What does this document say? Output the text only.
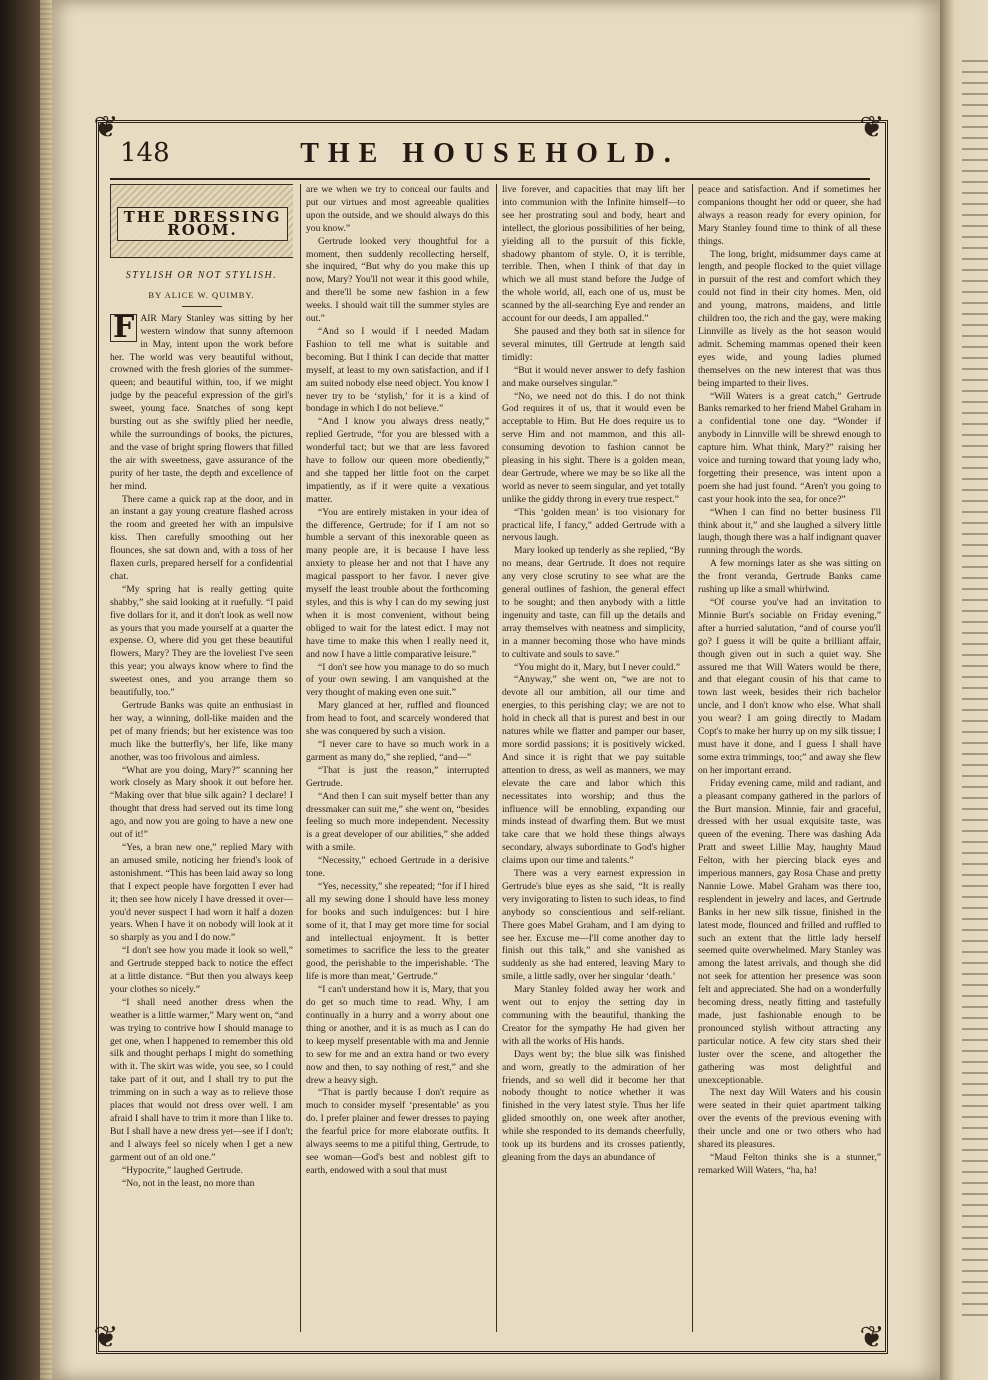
❦	❦
❦	❦
148	THE HOUSEHOLD.
THE DRESSING ROOM.
STYLISH OR NOT STYLISH.
BY ALICE W. QUIMBY.

F AIR Mary Stanley was sitting by her western window that sunny afternoon in May, intent upon the work before her. The world was very beautiful without, crowned with the fresh glories of the summer-queen; and beautiful within, too, if we might judge by the peaceful expression of the girl's sweet, young face. Snatches of song kept bursting out as she swiftly plied her needle, while the surroundings of books, the pictures, and the vase of bright spring flowers that filled the air with sweetness, gave assurance of the purity of her taste, the depth and excellence of her mind.

There came a quick rap at the door, and in an instant a gay young creature flashed across the room and greeted her with an impulsive kiss. Then carefully smoothing out her flounces, she sat down and, with a toss of her flaxen curls, prepared herself for a confidential chat.

“My spring hat is really getting quite shabby,” she said looking at it ruefully. “I paid five dollars for it, and it don't look as well now as yours that you made yourself at a quarter the expense. O, where did you get these beautiful flowers, Mary? They are the loveliest I've seen this year; you always know where to find the sweetest ones, and you arrange them so beautifully, too.”

Gertrude Banks was quite an enthusiast in her way, a winning, doll-like maiden and the pet of many friends; but her existence was too much like the butterfly's, her life, like many another, was too frivolous and aimless.

“What are you doing, Mary?” scanning her work closely as Mary shook it out before her. “Making over that blue silk again? I declare! I thought that dress had served out its time long ago, and now you are going to have a new one out of it!”

“Yes, a bran new one,” replied Mary with an amused smile, noticing her friend's look of astonishment. “This has been laid away so long that I expect people have forgotten I ever had it; then see how nicely I have dressed it over—you'd never suspect I had worn it half a dozen years. When I have it on nobody will look at it so sharply as you and I do now.”

“I don't see how you made it look so well,” and Gertrude stepped back to notice the effect at a little distance. “But then you always keep your clothes so nicely.”

“I shall need another dress when the weather is a little warmer,” Mary went on, “and was trying to contrive how I should manage to get one, when I happened to remember this old silk and thought perhaps I might do something with it. The skirt was wide, you see, so I could take part of it out, and I shall try to put the trimming on in such a way as to relieve those places that would not dress over well. I am afraid I shall have to trim it more than I like to. But I shall have a new dress yet—see if I don't; and I always feel so nicely when I get a new garment out of an old one.”

“Hypocrite,” laughed Gertrude.

“No, not in the least, no more than

are we when we try to conceal our faults and put our virtues and most agreeable qualities upon the outside, and we should always do this you know.”

Gertrude looked very thoughtful for a moment, then suddenly recollecting herself, she inquired, “But why do you make this up now, Mary? You'll not wear it this good while, and there'll be some new fashion in a few weeks. I should wait till the summer styles are out.”

“And so I would if I needed Madam Fashion to tell me what is suitable and becoming. But I think I can decide that matter myself, at least to my own satisfaction, and if I am suited nobody else need object. You know I never try to be ‘stylish,’ for it is a kind of bondage in which I do not believe.”

“And I know you always dress neatly,” replied Gertrude, “for you are blessed with a wonderful tact; but we that are less favored have to follow our queen more obediently,” and she tapped her little foot on the carpet impatiently, as if it were quite a vexatious matter.

“You are entirely mistaken in your idea of the difference, Gertrude; for if I am not so humble a servant of this inexorable queen as many people are, it is because I have less anxiety to please her and not that I have any magical passport to her favor. I never give myself the least trouble about the forthcoming styles, and this is why I can do my sewing just when it is most convenient, without being obliged to wait for the latest edict. I may not have time to make this when I really need it, and now I have a little comparative leisure.”

“I don't see how you manage to do so much of your own sewing. I am vanquished at the very thought of making even one suit.”

Mary glanced at her, ruffled and flounced from head to foot, and scarcely wondered that she was conquered by such a vision.

“I never care to have so much work in a garment as many do,” she replied, “and—”

“That is just the reason,” interrupted Gertrude.

“And then I can suit myself better than any dressmaker can suit me,” she went on, “besides feeling so much more independent. Necessity is a great developer of our abilities,” she added with a smile.

“Necessity,” echoed Gertrude in a derisive tone.

“Yes, necessity,” she repeated; “for if I hired all my sewing done I should have less money for books and such indulgences: but I hire some of it, that I may get more time for social and intellectual enjoyment. It is better sometimes to sacrifice the less to the greater good, the perishable to the imperishable. ‘The life is more than meat,’ Gertrude.”

“I can't understand how it is, Mary, that you do get so much time to read. Why, I am continually in a hurry and a worry about one thing or another, and it is as much as I can do to keep myself presentable with ma and Jennie to sew for me and an extra hand or two every now and then, to say nothing of rest,” and she drew a heavy sigh.

“That is partly because I don't require as much to consider myself ‘presentable’ as you do. I prefer plainer and fewer dresses to paying the fearful price for more elaborate outfits. It always seems to me a pitiful thing, Gertrude, to see woman—God's best and noblest gift to earth, endowed with a soul that must

live forever, and capacities that may lift her into communion with the Infinite himself—to see her prostrating soul and body, heart and intellect, the glorious possibilities of her being, yielding all to the pursuit of this fickle, shadowy phantom of style. O, it is terrible, terrible. Then, when I think of that day in which we all must stand before the Judge of the whole world, all, each one of us, must be scanned by the all-searching Eye and render an account for our deeds, I am appalled.”

She paused and they both sat in silence for several minutes, till Gertrude at length said timidly:

“But it would never answer to defy fashion and make ourselves singular.”

“No, we need not do this. I do not think God requires it of us, that it would even be acceptable to Him. But He does require us to serve Him and not mammon, and this all-consuming devotion to fashion cannot be pleasing in his sight. There is a golden mean, dear Gertrude, where we may be so like all the world as never to seem singular, and yet totally unlike the giddy throng in every true respect.”

“This ‘golden mean’ is too visionary for practical life, I fancy,” added Gertrude with a nervous laugh.

Mary looked up tenderly as she replied, “By no means, dear Gertrude. It does not require any very close scrutiny to see what are the general outlines of fashion, the general effect to be sought; and then anybody with a little ingenuity and taste, can fill up the details and array themselves with neatness and simplicity, in a manner becoming those who have minds to cultivate and souls to save.”

“You might do it, Mary, but I never could.”

“Anyway,” she went on, “we are not to devote all our ambition, all our time and energies, to this perishing clay; we are not to hold in check all that is purest and best in our natures while we flatter and pamper our baser, more sordid passions; it is positively wicked. And since it is right that we pay suitable attention to dress, as well as manners, we may elevate the care and labor which this necessitates into worship; and thus the influence will be ennobling, expanding our minds instead of dwarfing them. But we must take care that we hold these things always secondary, always subordinate to God's higher claims upon our time and talents.”

There was a very earnest expression in Gertrude's blue eyes as she said, “It is really very invigorating to listen to such ideas, to find anybody so conscientious and self-reliant. There goes Mabel Graham, and I am dying to see her. Excuse me—I'll come another day to finish out this talk,” and she vanished as suddenly as she had entered, leaving Mary to smile, a little sadly, over her singular ‘death.’

Mary Stanley folded away her work and went out to enjoy the setting day in communing with the beautiful, thanking the Creator for the sympathy He had given her with all the works of His hands.

Days went by; the blue silk was finished and worn, greatly to the admiration of her friends, and so well did it become her that nobody thought to notice whether it was finished in the very latest style. Thus her life glided smoothly on, one week after another, while she responded to its demands cheerfully, took up its burdens and its crosses patiently, gleaning from the days an abundance of

peace and satisfaction. And if sometimes her companions thought her odd or queer, she had always a reason ready for every opinion, for Mary Stanley found time to think of all these things.

The long, bright, midsummer days came at length, and people flocked to the quiet village in pursuit of the rest and comfort which they could not find in their city homes. Men, old and young, matrons, maidens, and little children too, the rich and the gay, were making Linnville as lively as the hot season would admit. Scheming mammas opened their keen eyes wide, and young ladies plumed themselves on the new interest that was thus being imparted to their lives.

“Will Waters is a great catch,” Gertrude Banks remarked to her friend Mabel Graham in a confidential tone one day. “Wonder if anybody in Linnville will be shrewd enough to capture him. What think, Mary?” raising her voice and turning toward that young lady who, forgetting their presence, was intent upon a poem she had just found. “Aren't you going to cast your hook into the sea, for once?”

“When I can find no better business I'll think about it,” and she laughed a silvery little laugh, though there was a half indignant quaver running through the words.

A few mornings later as she was sitting on the front veranda, Gertrude Banks came rushing up like a small whirlwind.

“Of course you've had an invitation to Minnie Burt's sociable on Friday evening,” after a hurried salutation, “and of course you'll go? I guess it will be quite a brilliant affair, though given out in such a quiet way. She assured me that Will Waters would be there, and that elegant cousin of his that came to town last week, besides their rich bachelor uncle, and I don't know who else. What shall you wear? I am going directly to Madam Copt's to make her hurry up on my silk tissue; I must have it done, and I guess I shall have some extra trimmings, too;” and away she flew on her important errand.

Friday evening came, mild and radiant, and a pleasant company gathered in the parlors of the Burt mansion. Minnie, fair and graceful, dressed with her usual exquisite taste, was queen of the evening. There was dashing Ada Pratt and sweet Lillie May, haughty Maud Felton, with her piercing black eyes and imperious manners, gay Rosa Chase and pretty Nannie Lowe. Mabel Graham was there too, resplendent in jewelry and laces, and Gertrude Banks in her new silk tissue, finished in the latest mode, flounced and frilled and ruffled to such an extent that the little lady herself seemed quite overwhelmed. Mary Stanley was among the latest arrivals, and though she did not seek for attention her presence was soon felt and appreciated. She had on a wonderfully becoming dress, neatly fitting and tastefully made, just fashionable enough to be pronounced stylish without attracting any particular notice. A few city stars shed their luster over the scene, and altogether the gathering was most delightful and unexceptionable.

The next day Will Waters and his cousin were seated in their quiet apartment talking over the events of the previous evening with their uncle and one or two others who had shared its pleasures.

“Maud Felton thinks she is a stunner,” remarked Will Waters, “ha, ha!
